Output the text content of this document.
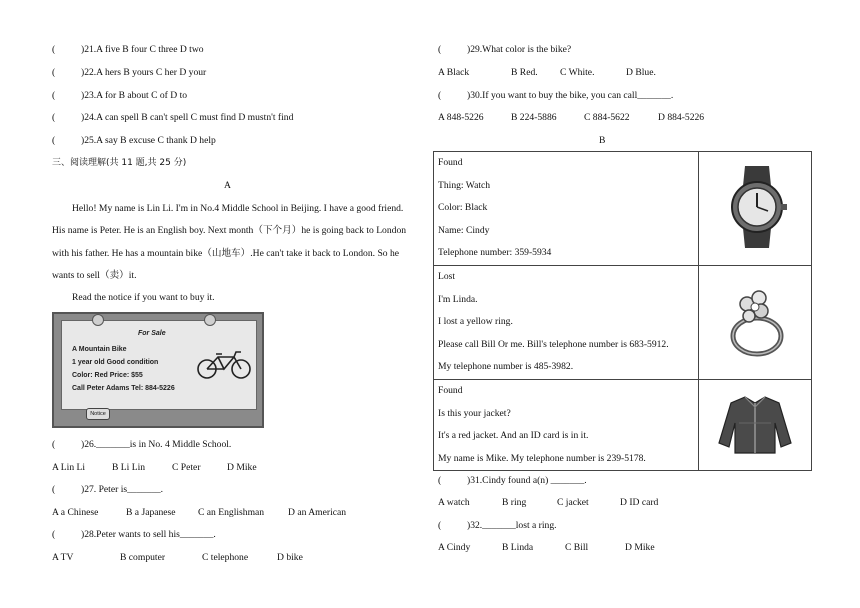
(	)21.A five B four C three D two
(	)22.A hers B yours C her D your
(	)23.A for B about C of D to
(	)24.A can spell B can't spell C must find D mustn't find
(	)25.A say B excuse C thank D help
三、阅读理解(共 11 题,共 25 分)
A
Hello! My name is Lin Li. I'm in No.4 Middle School in Beijing. I have a good friend.
His name is Peter. He is an English boy. Next month（下个月）he is going back to London
with his father. He has a mountain bike（山地车）.He can't take it back to London. So he
wants to sell（卖）it.
Read the notice if you want to buy it.
For Sale
A Mountain Bike
1 year old Good condition
Color: Red Price: $55
Call Peter Adams Tel: 884-5226
Notice
(	)26._______is in No. 4 Middle School.
A Lin Li	B Li Lin	C Peter	D Mike
(	)27. Peter is_______.
A a Chinese	B a Japanese C an Englishman D an American
(	)28.Peter wants to sell his_______.
A TV	B computer	C telephone	D bike
(	)29.What color is the bike?
A Black	B Red. C White.	D Blue.
(	)30.If you want to buy the bike, you can call_______.
A 848-5226	B 224-5886	C 884-5622	D 884-5226
B
Found
Thing: Watch
Color: Black
Name: Cindy
Telephone number: 359-5934

Lost
I'm Linda.
I lost a yellow ring.
Please call Bill Or me. Bill's telephone number is 683-5912.
My telephone number is 485-3982.

Found
Is this your jacket?
It's a red jacket. And an ID card is in it.
My name is Mike. My telephone number is 239-5178.

(	)31.Cindy found a(n) _______.
A watch	B ring	C jacket	D ID card
(	)32._______lost a ring.
A Cindy	B Linda	C Bill	D Mike
